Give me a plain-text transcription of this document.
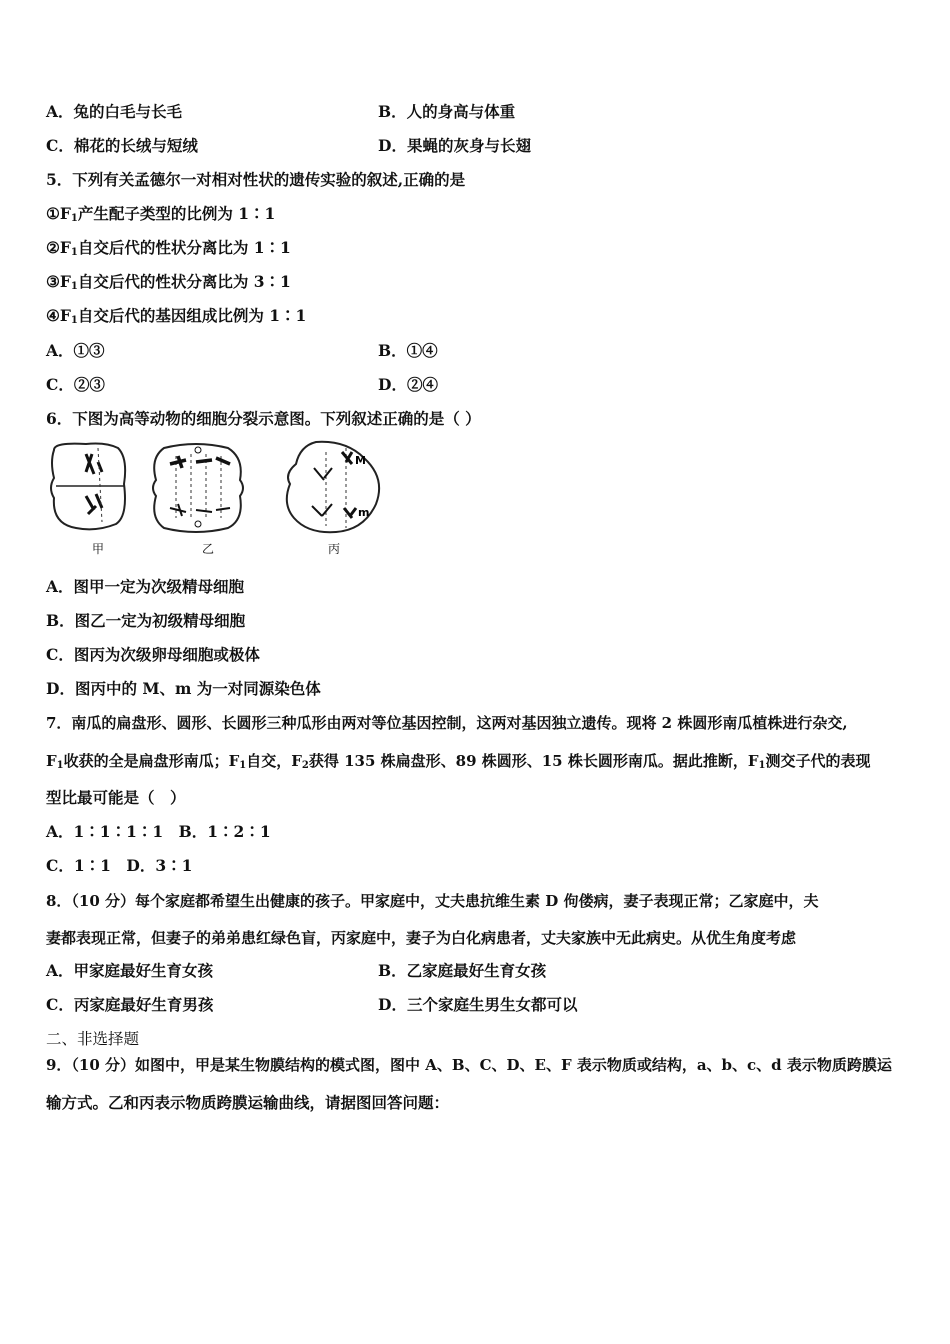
A．兔的白毛与长毛	B．人的身高与体重
C．棉花的长绒与短绒	D．果蝇的灰身与长翅
5．下列有关孟德尔一对相对性状的遗传实验的叙述,正确的是
$①F_1$产生配子类型的比例为 1∶1
$②F_1$自交后代的性状分离比为 1∶1
$③F_1$自交后代的性状分离比为 3∶1
$④F_1$自交后代的基因组成比例为 1∶1
A．①③	B．①④
C．②③	D．②④
6．下图为高等动物的细胞分裂示意图。下列叙述正确的是（ ）
M
m
甲	乙	丙
A．图甲一定为次级精母细胞
B．图乙一定为初级精母细胞
C．图丙为次级卵母细胞或极体
D．图丙中的 M、m 为一对同源染色体
7．南瓜的扁盘形、圆形、长圆形三种瓜形由两对等位基因控制，这两对基因独立遗传。现将 2 株圆形南瓜植株进行杂交,
$F_1$收获的全是扁盘形南瓜；$F_1$自交，$F_2$获得 135 株扁盘形、89 株圆形、15 株长圆形南瓜。据此推断，$F_1$测交子代的表现
型比最可能是（　）
A．1∶1∶1∶1　B．1∶2∶1
C．1∶1　D．3∶1
8．（10 分）每个家庭都希望生出健康的孩子。甲家庭中，丈夫患抗维生素 D 佝偻病，妻子表现正常；乙家庭中，夫
妻都表现正常，但妻子的弟弟患红绿色盲，丙家庭中，妻子为白化病患者，丈夫家族中无此病史。从优生角度考虑
A．甲家庭最好生育女孩	B．乙家庭最好生育女孩
C．丙家庭最好生育男孩	D．三个家庭生男生女都可以
二、非选择题
9．（10 分）如图中，甲是某生物膜结构的模式图，图中 A、B、C、D、E、F 表示物质或结构，a、b、c、d 表示物质跨膜运
输方式。乙和丙表示物质跨膜运输曲线，请据图回答问题：
